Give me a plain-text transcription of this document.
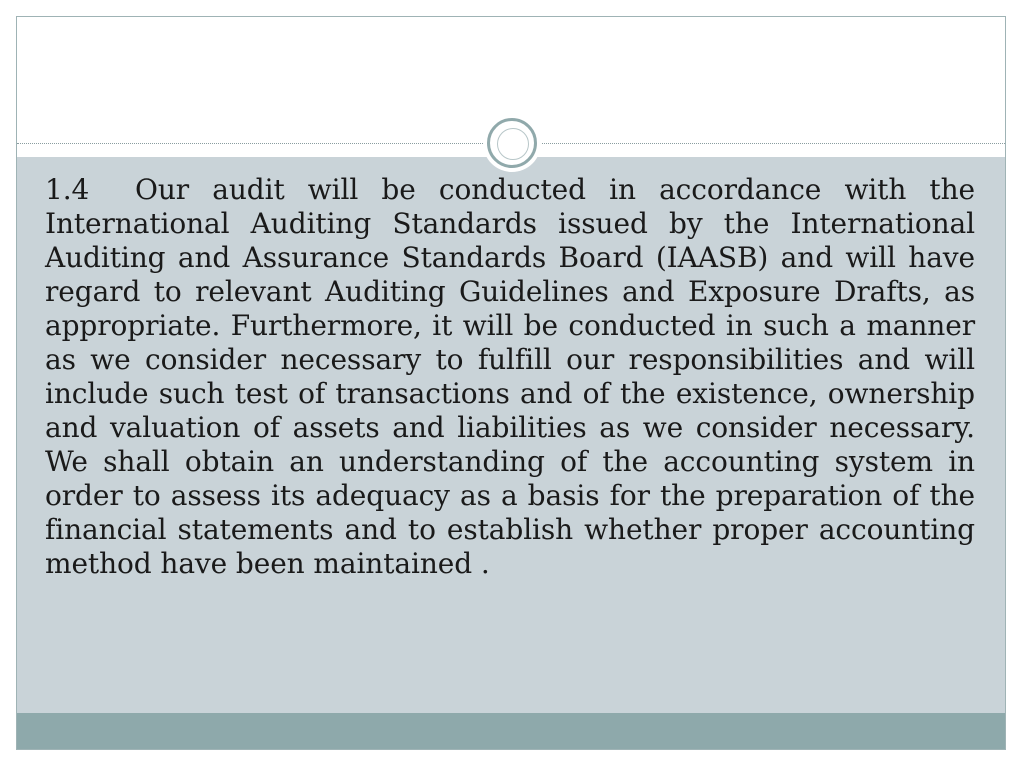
1.4 Our audit will be conducted in accordance with the International Auditing Standards issued by the International Auditing and Assurance Standards Board (IAASB) and will have regard to relevant Auditing Guidelines and Exposure Drafts, as appropriate. Furthermore, it will be conducted in such a manner as we consider necessary to fulfill our responsibilities and will include such test of transactions and of the existence, ownership and valuation of assets and liabilities as we consider necessary. We shall obtain an understanding of the accounting system in order to assess its adequacy as a basis for the preparation of the financial statements and to establish whether proper accounting method have been maintained .
